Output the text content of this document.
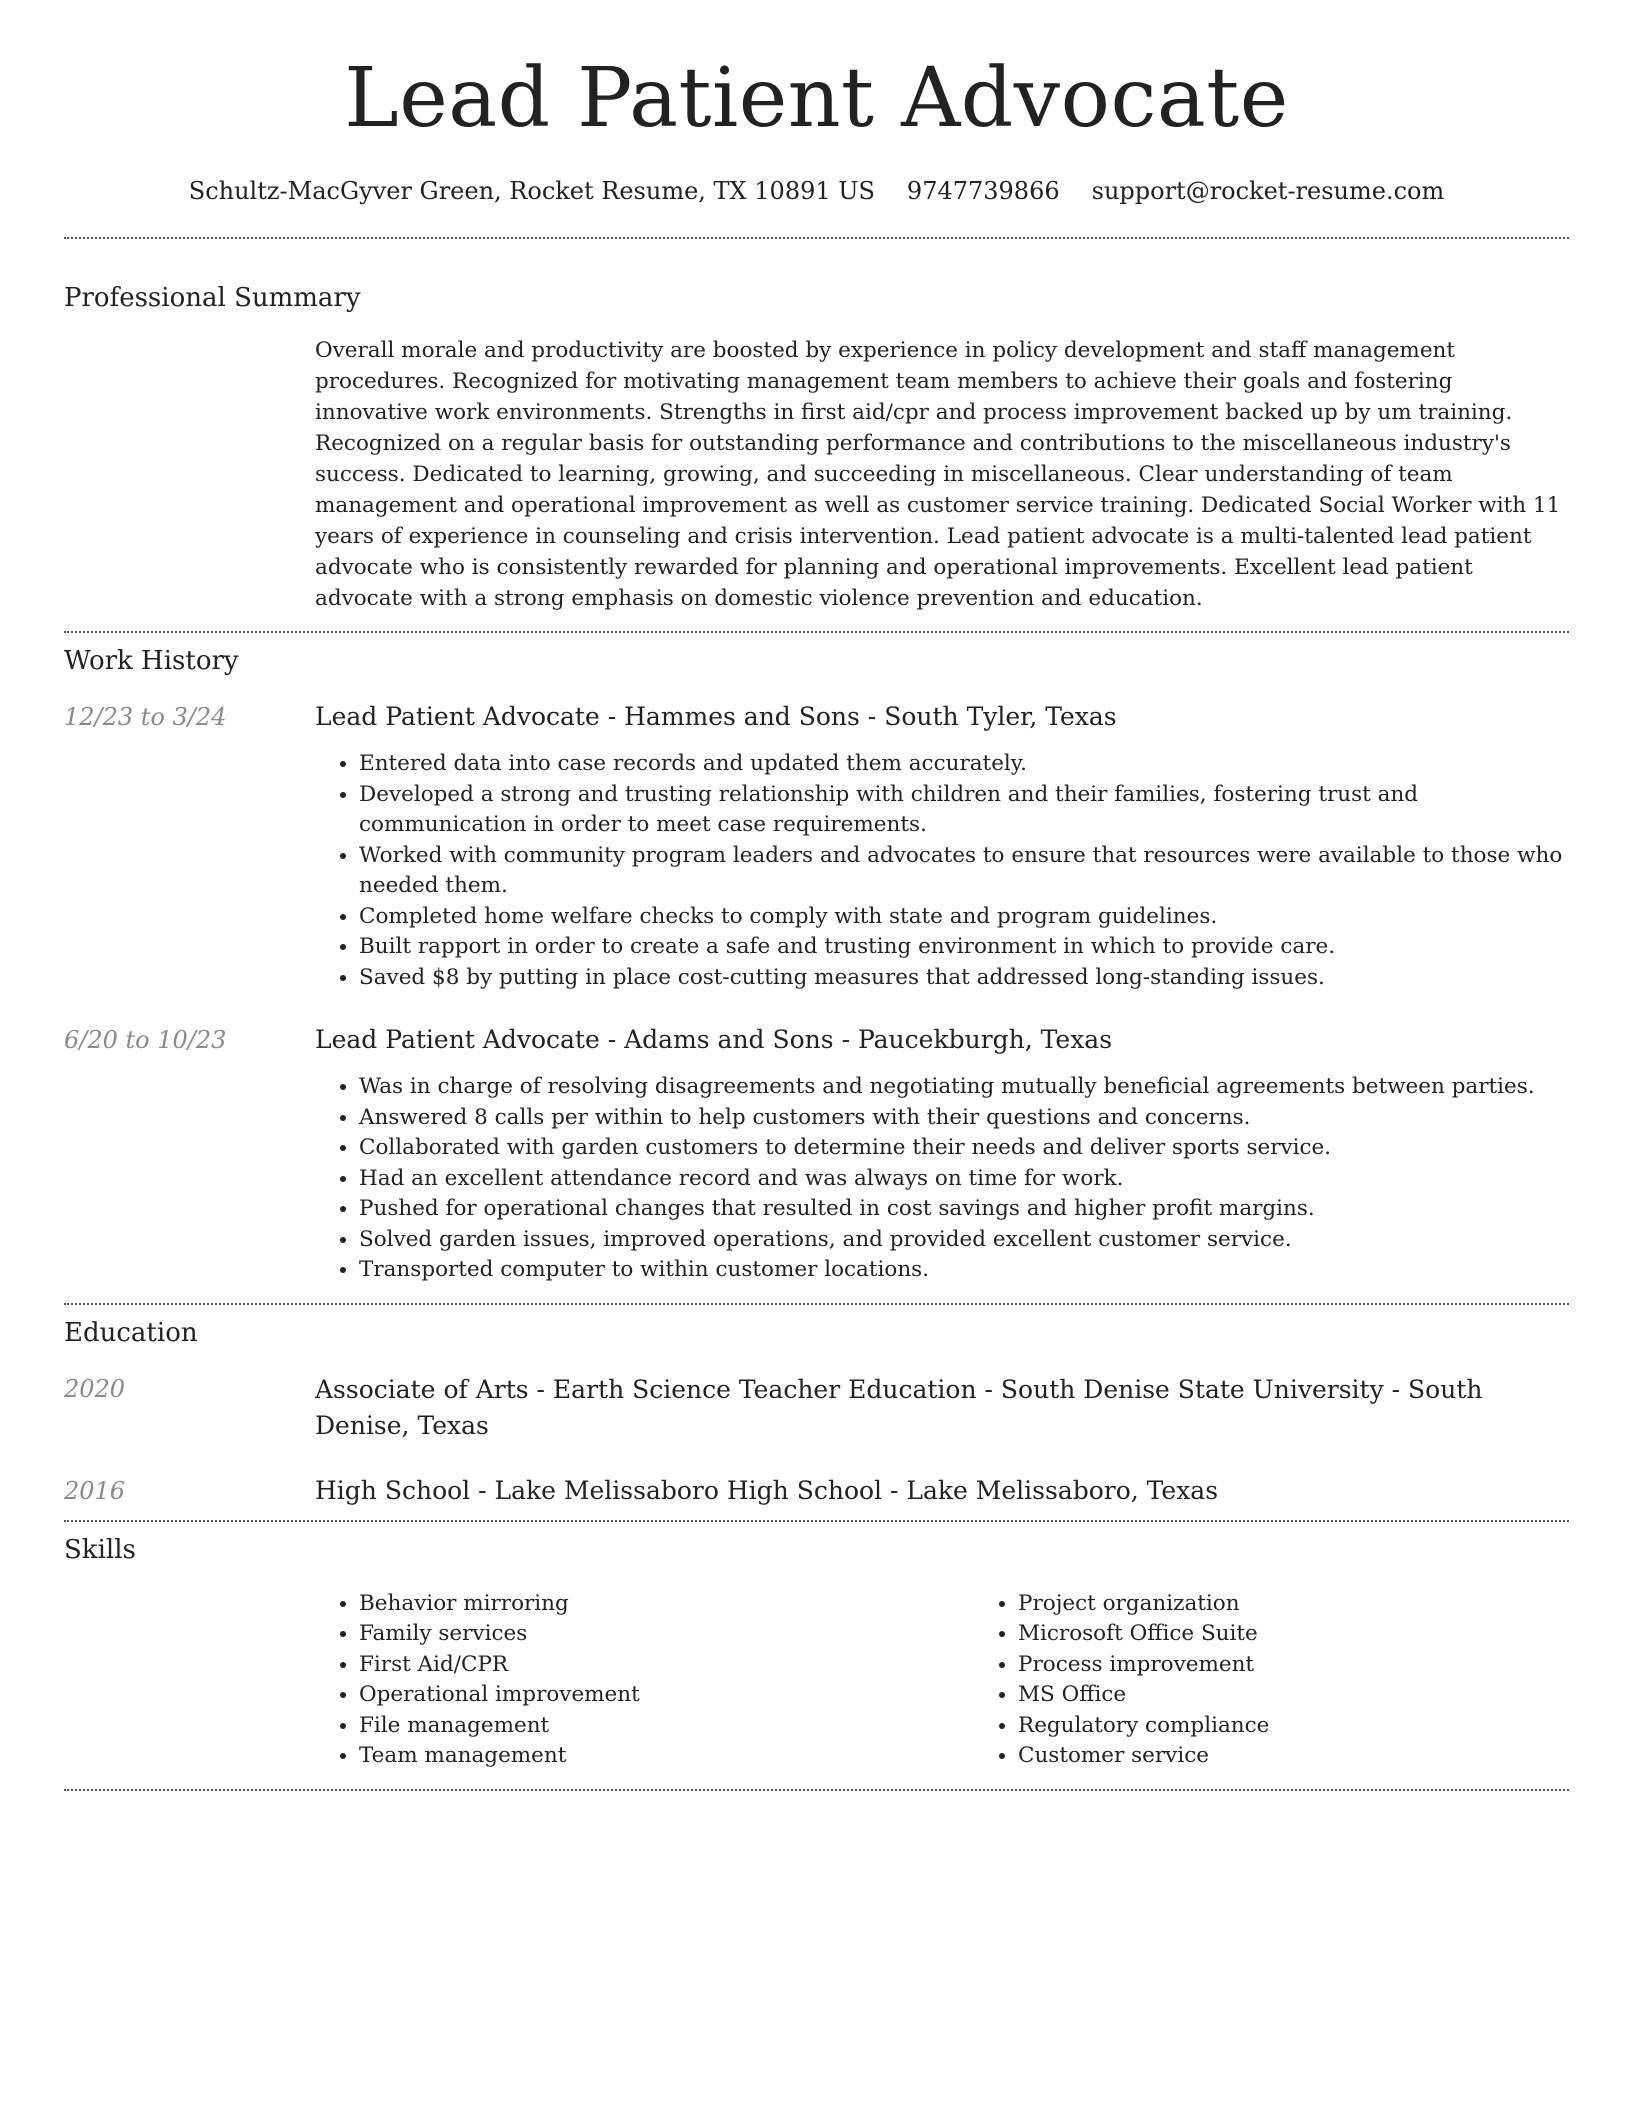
Lead Patient Advocate
Schultz-MacGyver Green, Rocket Resume, TX 10891 US 9747739866 support@rocket-resume.com
Professional Summary
Overall morale and productivity are boosted by experience in policy development and staff management procedures. Recognized for motivating management team members to achieve their goals and fostering innovative work environments. Strengths in first aid/cpr and process improvement backed up by um training. Recognized on a regular basis for outstanding performance and contributions to the miscellaneous industry's success. Dedicated to learning, growing, and succeeding in miscellaneous. Clear understanding of team management and operational improvement as well as customer service training. Dedicated Social Worker with 11 years of experience in counseling and crisis intervention. Lead patient advocate is a multi-talented lead patient advocate who is consistently rewarded for planning and operational improvements. Excellent lead patient advocate with a strong emphasis on domestic violence prevention and education.
Work History
12/23 to 3/24	Lead Patient Advocate - Hammes and Sons - South Tyler, Texas
• Entered data into case records and updated them accurately.
• Developed a strong and trusting relationship with children and their families, fostering trust and communication in order to meet case requirements.
• Worked with community program leaders and advocates to ensure that resources were available to those who needed them.
• Completed home welfare checks to comply with state and program guidelines.
• Built rapport in order to create a safe and trusting environment in which to provide care.
• Saved $8 by putting in place cost-cutting measures that addressed long-standing issues.
6/20 to 10/23	Lead Patient Advocate - Adams and Sons - Paucekburgh, Texas
• Was in charge of resolving disagreements and negotiating mutually beneficial agreements between parties.
• Answered 8 calls per within to help customers with their questions and concerns.
• Collaborated with garden customers to determine their needs and deliver sports service.
• Had an excellent attendance record and was always on time for work.
• Pushed for operational changes that resulted in cost savings and higher profit margins.
• Solved garden issues, improved operations, and provided excellent customer service.
• Transported computer to within customer locations.
Education
2020	Associate of Arts - Earth Science Teacher Education - South Denise State University - South Denise, Texas
2016	High School - Lake Melissaboro High School - Lake Melissaboro, Texas
Skills
• Behavior mirroring
• Family services
• First Aid/CPR
• Operational improvement
• File management
• Team management
• Project organization
• Microsoft Office Suite
• Process improvement
• MS Office
• Regulatory compliance
• Customer service
